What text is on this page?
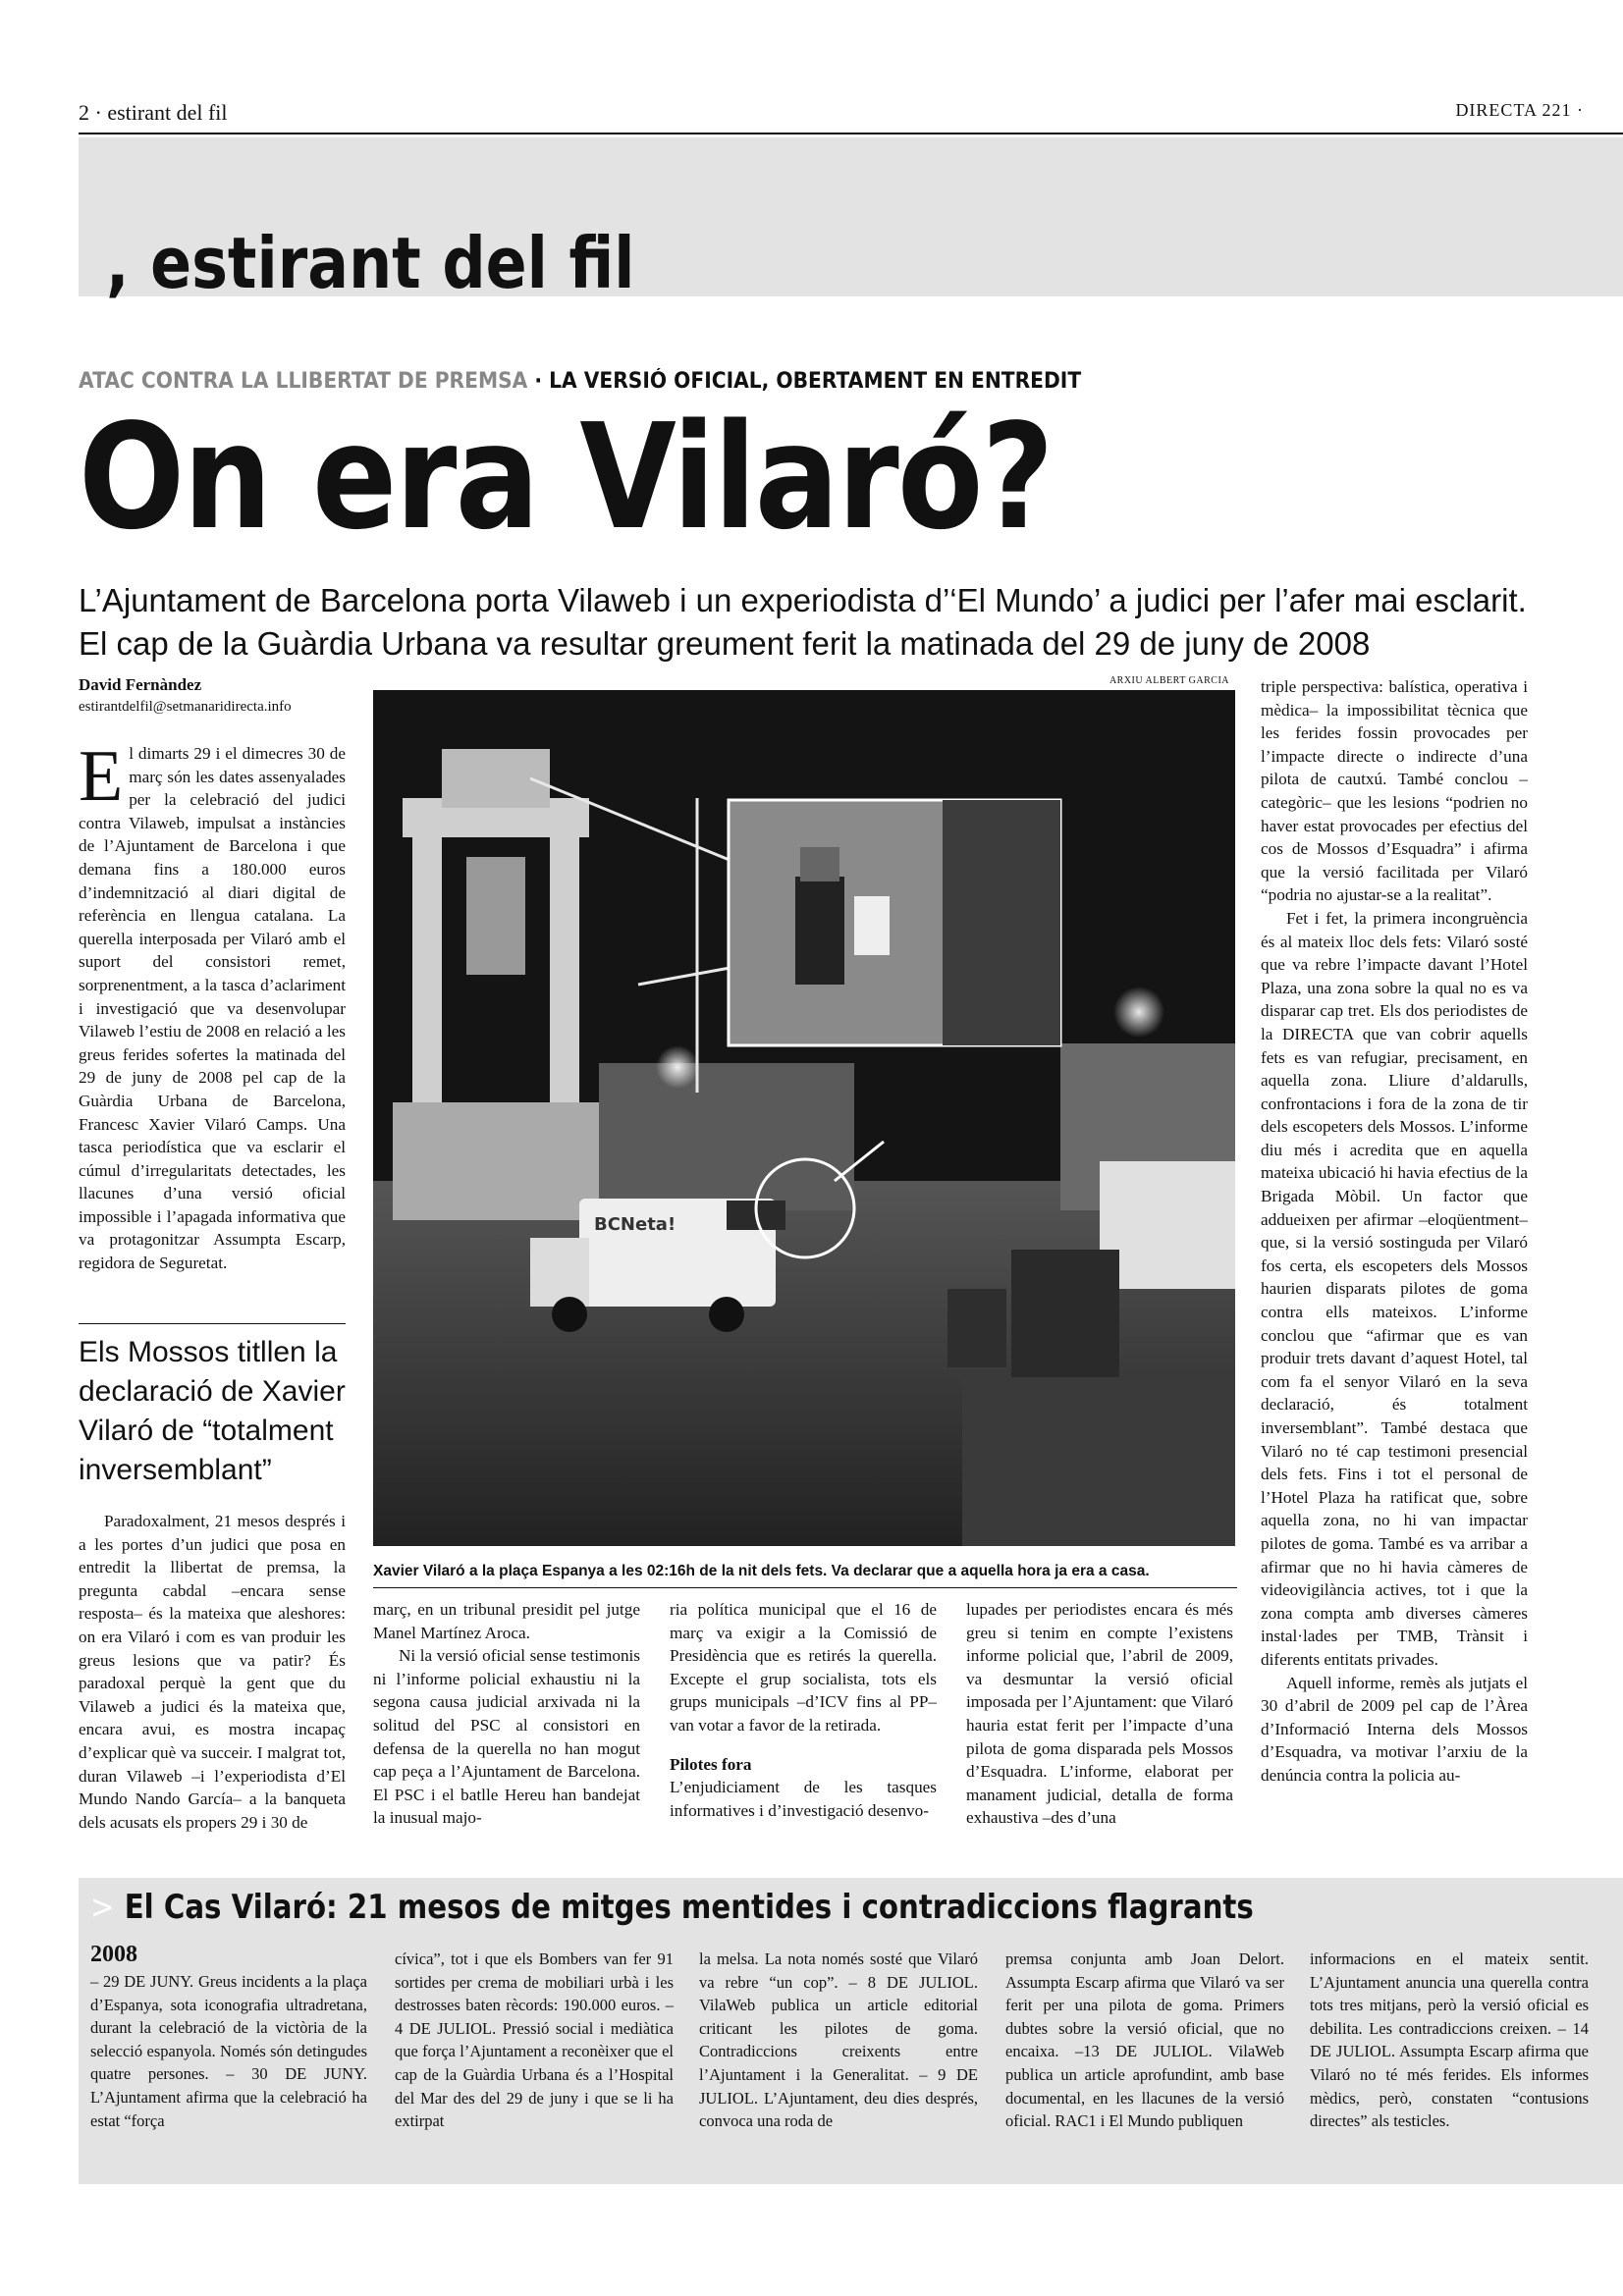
2 · estirant del fil	DIRECTA 221 ·
, estirant del fil
ATAC CONTRA LA LLIBERTAT DE PREMSA · LA VERSIÓ OFICIAL, OBERTAMENT EN ENTREDIT
On era Vilaró?
L’Ajuntament de Barcelona porta Vilaweb i un experiodista d’‘El Mundo’ a judici per l’afer mai esclarit. El cap de la Guàrdia Urbana va resultar greument ferit la matinada del 29 de juny de 2008
David Fernàndez
estirantdelfil@setmanaridirecta.info

El dimarts 29 i el dimecres 30 de març són les dates assenyalades per la celebració del judici contra Vilaweb, impulsat a instàncies de l’Ajuntament de Barcelona i que demana fins a 180.000 euros d’indemnització al diari digital de referència en llengua catalana. La querella interposada per Vilaró amb el suport del consistori remet, sorprenentment, a la tasca d’aclariment i investigació que va desenvolupar Vilaweb l’estiu de 2008 en relació a les greus ferides sofertes la matinada del 29 de juny de 2008 pel cap de la Guàrdia Urbana de Barcelona, Francesc Xavier Vilaró Camps. Una tasca periodística que va esclarir el cúmul d’irregularitats detectades, les llacunes d’una versió oficial impossible i l’apagada informativa que va protagonitzar Assumpta Escarp, regidora de Seguretat.

Els Mossos titllen la declaració de Xavier Vilaró de “totalment inversemblant”

Paradoxalment, 21 mesos després i a les portes d’un judici que posa en entredit la llibertat de premsa, la pregunta cabdal –encara sense resposta– és la mateixa que aleshores: on era Vilaró i com es van produir les greus lesions que va patir? És paradoxal perquè la gent que du Vilaweb a judici és la mateixa que, encara avui, es mostra incapaç d’explicar què va succeir. I malgrat tot, duran Vilaweb –i l’experiodista d’El Mundo Nando García– a la banqueta dels acusats els propers 29 i 30 de

ARXIU ALBERT GARCIA
BCNeta!
Xavier Vilaró a la plaça Espanya a les 02:16h de la nit dels fets. Va declarar que a aquella hora ja era a casa.

març, en un tribunal presidit pel jutge Manel Martínez Aroca.

Ni la versió oficial sense testimonis ni l’informe policial exhaustiu ni la segona causa judicial arxivada ni la solitud del PSC al consistori en defensa de la querella no han mogut cap peça a l’Ajuntament de Barcelona. El PSC i el batlle Hereu han bandejat la inusual majo-

ria política municipal que el 16 de març va exigir a la Comissió de Presidència que es retirés la querella. Excepte el grup socialista, tots els grups municipals –d’ICV fins al PP– van votar a favor de la retirada.

Pilotes fora

L’enjudiciament de les tasques informatives i d’investigació desenvo-

lupades per periodistes encara és més greu si tenim en compte l’existens informe policial que, l’abril de 2009, va desmuntar la versió oficial imposada per l’Ajuntament: que Vilaró hauria estat ferit per l’impacte d’una pilota de goma disparada pels Mossos d’Esquadra. L’informe, elaborat per manament judicial, detalla de forma exhaustiva –des d’una

triple perspectiva: balística, operativa i mèdica– la impossibilitat tècnica que les ferides fossin provocades per l’impacte directe o indirecte d’una pilota de cautxú. També conclou –categòric– que les lesions “podrien no haver estat provocades per efectius del cos de Mossos d’Esquadra” i afirma que la versió facilitada per Vilaró “podria no ajustar-se a la realitat”.

Fet i fet, la primera incongruència és al mateix lloc dels fets: Vilaró sosté que va rebre l’impacte davant l’Hotel Plaza, una zona sobre la qual no es va disparar cap tret. Els dos periodistes de la DIRECTA que van cobrir aquells fets es van refugiar, precisament, en aquella zona. Lliure d’aldarulls, confrontacions i fora de la zona de tir dels escopeters dels Mossos. L’informe diu més i acredita que en aquella mateixa ubicació hi havia efectius de la Brigada Mòbil. Un factor que addueixen per afirmar –eloqüentment– que, si la versió sostinguda per Vilaró fos certa, els escopeters dels Mossos haurien disparats pilotes de goma contra ells mateixos. L’informe conclou que “afirmar que es van produir trets davant d’aquest Hotel, tal com fa el senyor Vilaró en la seva declaració, és totalment inversemblant”. També destaca que Vilaró no té cap testimoni presencial dels fets. Fins i tot el personal de l’Hotel Plaza ha ratificat que, sobre aquella zona, no hi van impactar pilotes de goma. També es va arribar a afirmar que no hi havia càmeres de videovigilància actives, tot i que la zona compta amb diverses càmeres instal·lades per TMB, Trànsit i diferents entitats privades.

Aquell informe, remès als jutjats el 30 d’abril de 2009 pel cap de l’Àrea d’Informació Interna dels Mossos d’Esquadra, va motivar l’arxiu de la denúncia contra la policia au-

> El Cas Vilaró: 21 mesos de mitges mentides i contradiccions flagrants
2008
– 29 DE JUNY. Greus incidents a la plaça d’Espanya, sota iconografia ultradretana, durant la celebració de la victòria de la selecció espanyola. Només són detingudes quatre persones. – 30 DE JUNY. L’Ajuntament afirma que la celebració ha estat “força
cívica”, tot i que els Bombers van fer 91 sortides per crema de mobiliari urbà i les destrosses baten rècords: 190.000 euros. – 4 DE JULIOL. Pressió social i mediàtica que força l’Ajuntament a reconèixer que el cap de la Guàrdia Urbana és a l’Hospital del Mar des del 29 de juny i que se li ha extirpat
la melsa. La nota només sosté que Vilaró va rebre “un cop”. – 8 DE JULIOL. VilaWeb publica un article editorial criticant les pilotes de goma. Contradiccions creixents entre l’Ajuntament i la Generalitat. – 9 DE JULIOL. L’Ajuntament, deu dies després, convoca una roda de
premsa conjunta amb Joan Delort. Assumpta Escarp afirma que Vilaró va ser ferit per una pilota de goma. Primers dubtes sobre la versió oficial, que no encaixa. –13 DE JULIOL. VilaWeb publica un article aprofundint, amb base documental, en les llacunes de la versió oficial. RAC1 i El Mundo publiquen
informacions en el mateix sentit. L’Ajuntament anuncia una querella contra tots tres mitjans, però la versió oficial es debilita. Les contradiccions creixen. – 14 DE JULIOL. Assumpta Escarp afirma que Vilaró no té més ferides. Els informes mèdics, però, constaten “contusions directes” als testicles.
